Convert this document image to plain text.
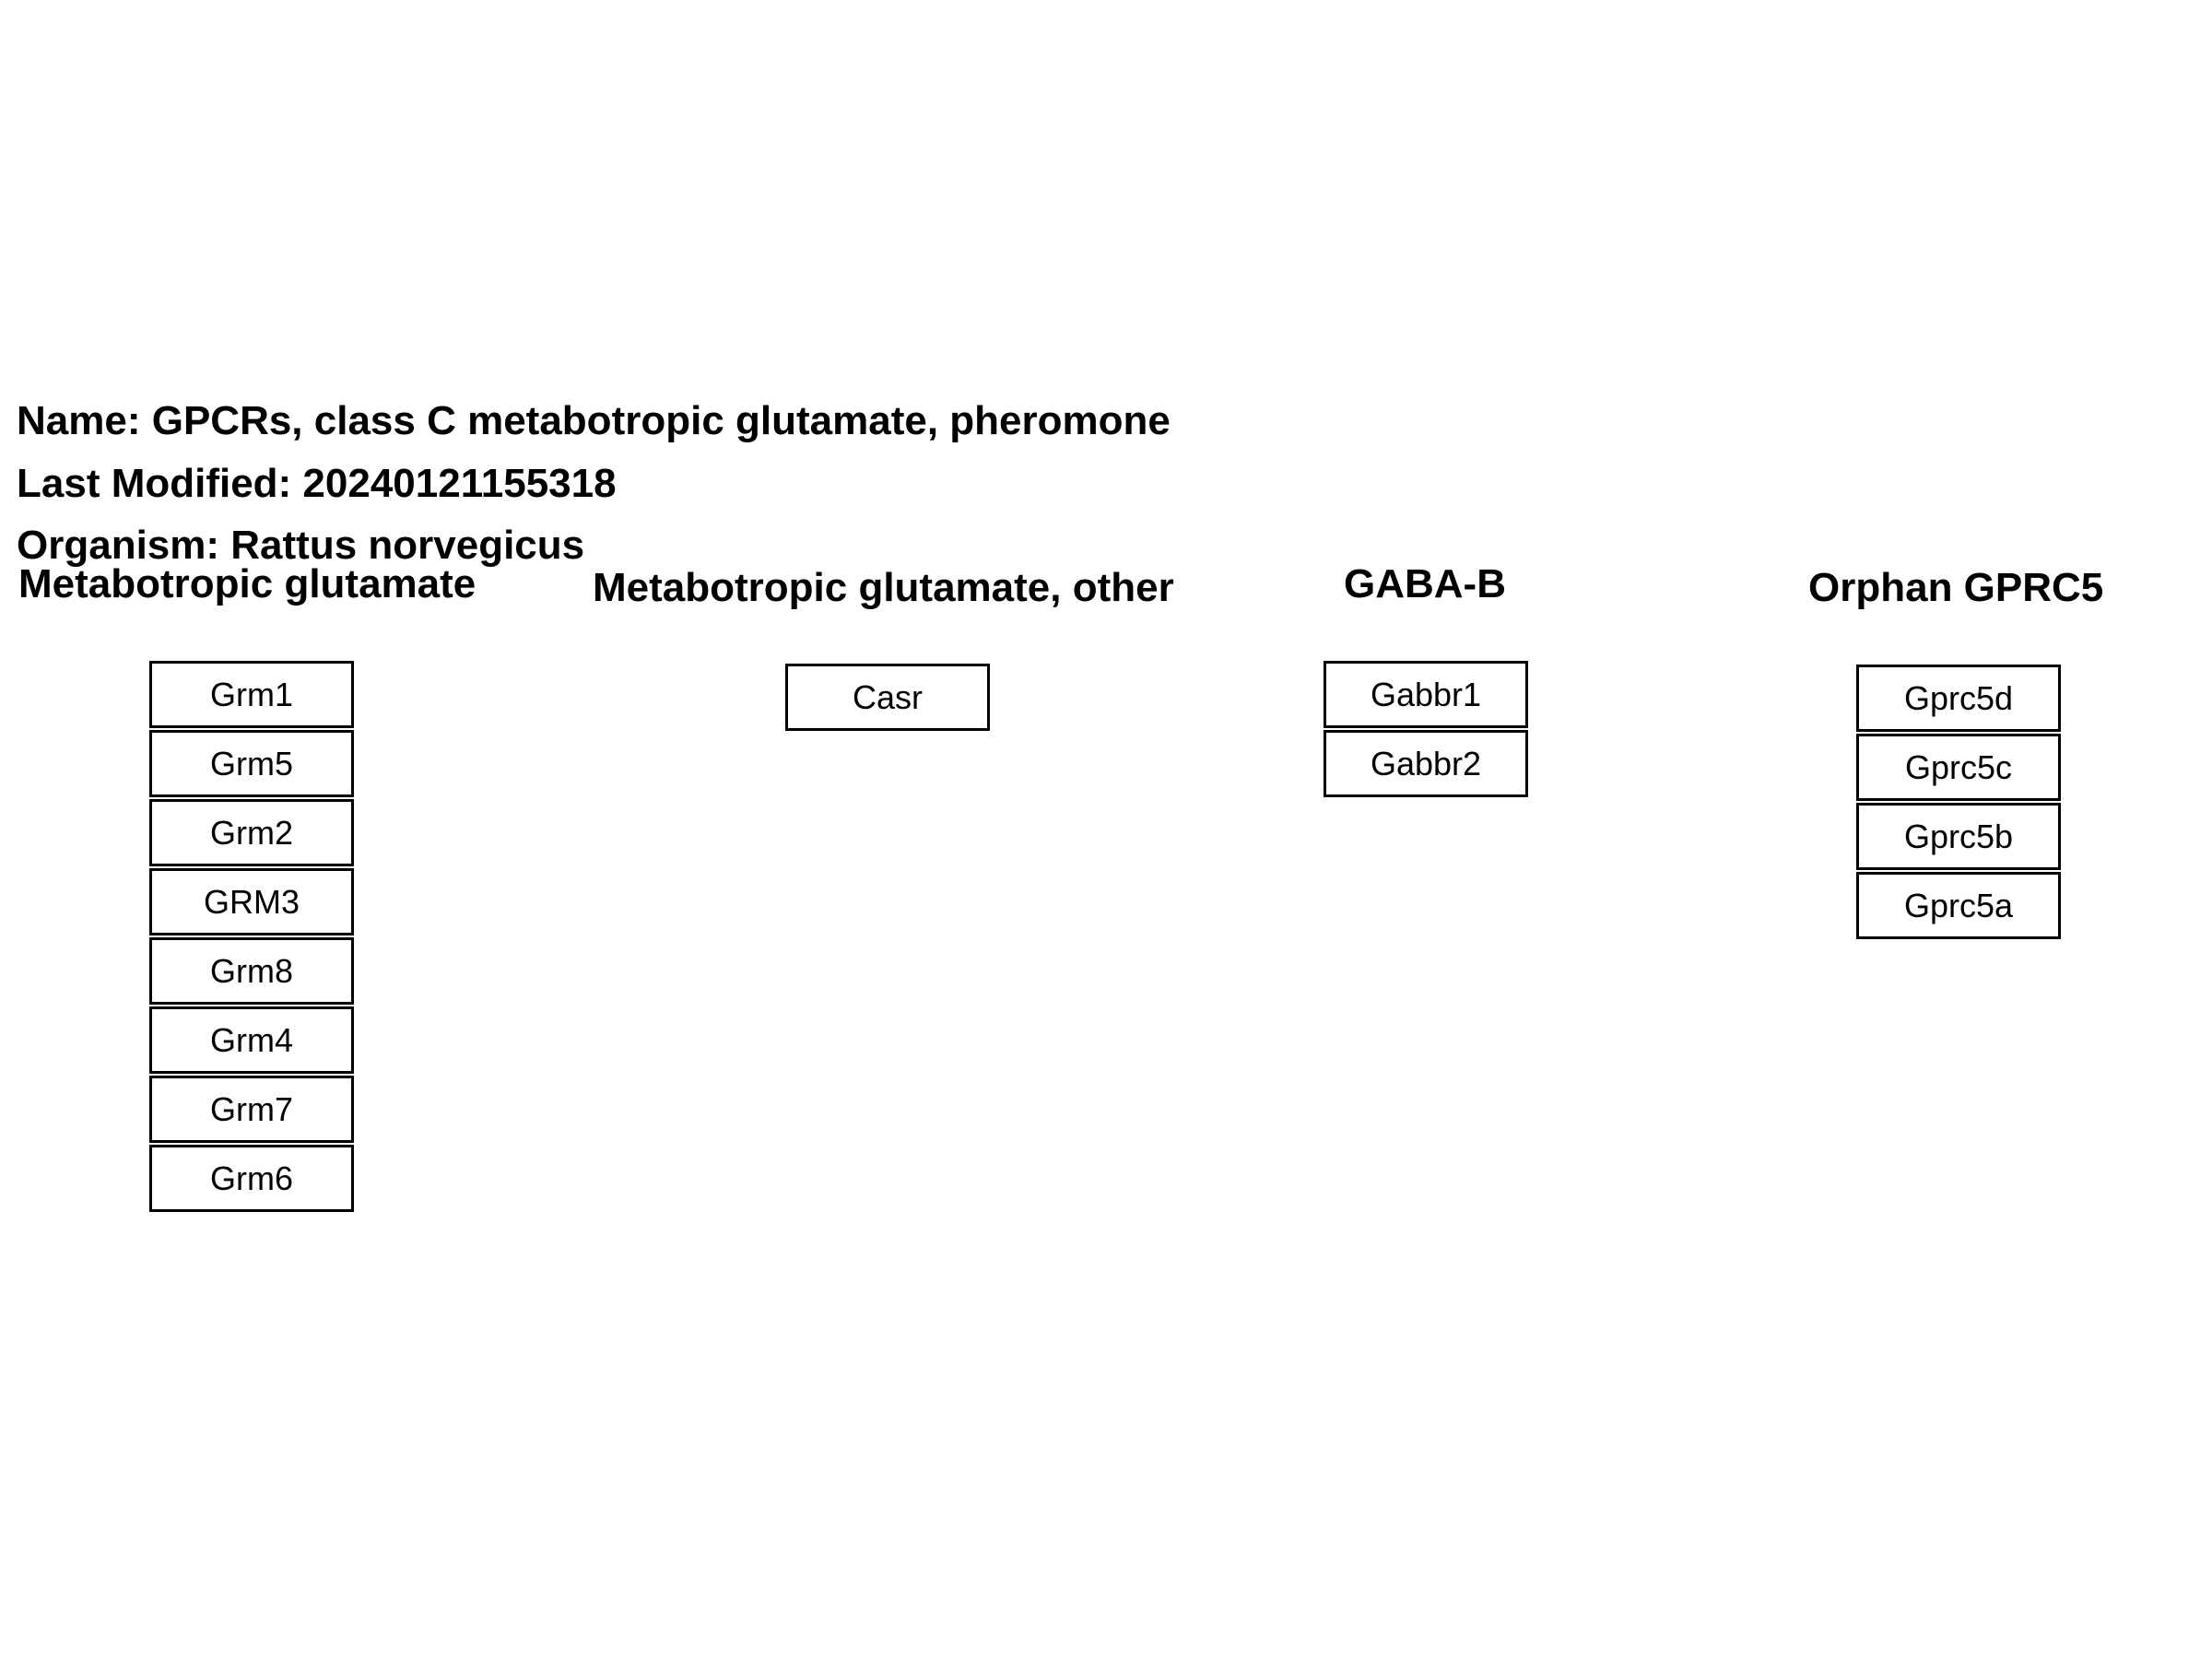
Name: GPCRs, class C metabotropic glutamate, pheromone
Last Modified: 20240121155318
Organism: Rattus norvegicus
Metabotropic glutamate
Grm1
Grm5
Grm2
GRM3
Grm8
Grm4
Grm7
Grm6
Metabotropic glutamate, other
Casr
GABA-B
Gabbr1
Gabbr2
Orphan GPRC5
Gprc5d
Gprc5c
Gprc5b
Gprc5a
